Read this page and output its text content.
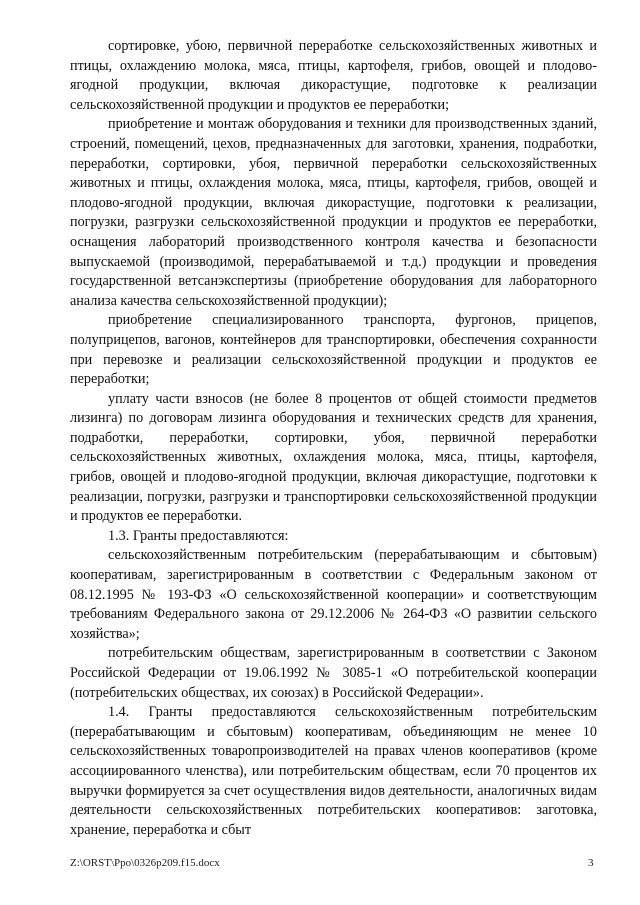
сортировке, убою, первичной переработке сельскохозяйственных животных и птицы, охлаждению молока, мяса, птицы, картофеля, грибов, овощей и плодово-ягодной продукции, включая дикорастущие, подготовке к реализации сельскохозяйственной продукции и продуктов ее переработки;

приобретение и монтаж оборудования и техники для производственных зданий, строений, помещений, цехов, предназначенных для заготовки, хранения, подработки, переработки, сортировки, убоя, первичной переработки сельскохозяйственных животных и птицы, охлаждения молока, мяса, птицы, картофеля, грибов, овощей и плодово-ягодной продукции, включая дикорастущие, подготовки к реализации, погрузки, разгрузки сельскохозяйственной продукции и продуктов ее переработки, оснащения лабораторий производственного контроля качества и безопасности выпускаемой (производимой, перерабатываемой и т.д.) продукции и проведения государственной ветсанэкспертизы (приобретение оборудования для лабораторного анализа качества сельскохозяйственной продукции);

приобретение специализированного транспорта, фургонов, прицепов, полуприцепов, вагонов, контейнеров для транспортировки, обеспечения сохранности при перевозке и реализации сельскохозяйственной продукции и продуктов ее переработки;

уплату части взносов (не более 8 процентов от общей стоимости предметов лизинга) по договорам лизинга оборудования и технических средств для хранения, подработки, переработки, сортировки, убоя, первичной переработки сельскохозяйственных животных, охлаждения молока, мяса, птицы, картофеля, грибов, овощей и плодово-ягодной продукции, включая дикорастущие, подготовки к реализации, погрузки, разгрузки и транспортировки сельскохозяйственной продукции и продуктов ее переработки.

1.3. Гранты предоставляются:

сельскохозяйственным потребительским (перерабатывающим и сбытовым) кооперативам, зарегистрированным в соответствии с Федеральным законом от 08.12.1995 № 193-ФЗ «О сельскохозяйственной кооперации» и соответствующим требованиям Федерального закона от 29.12.2006 № 264-ФЗ «О развитии сельского хозяйства»;

потребительским обществам, зарегистрированным в соответствии с Законом Российской Федерации от 19.06.1992 № 3085-1 «О потребительской кооперации (потребительских обществах, их союзах) в Российской Федерации».

1.4. Гранты предоставляются сельскохозяйственным потребительским (перерабатывающим и сбытовым) кооперативам, объединяющим не менее 10 сельскохозяйственных товаропроизводителей на правах членов кооперативов (кроме ассоциированного членства), или потребительским обществам, если 70 процентов их выручки формируется за счет осуществления видов деятельности, аналогичных видам деятельности сельскохозяйственных потребительских кооперативов: заготовка, хранение, переработка и сбыт

Z:\ORST\Ppo\0326p209.f15.docx	3
